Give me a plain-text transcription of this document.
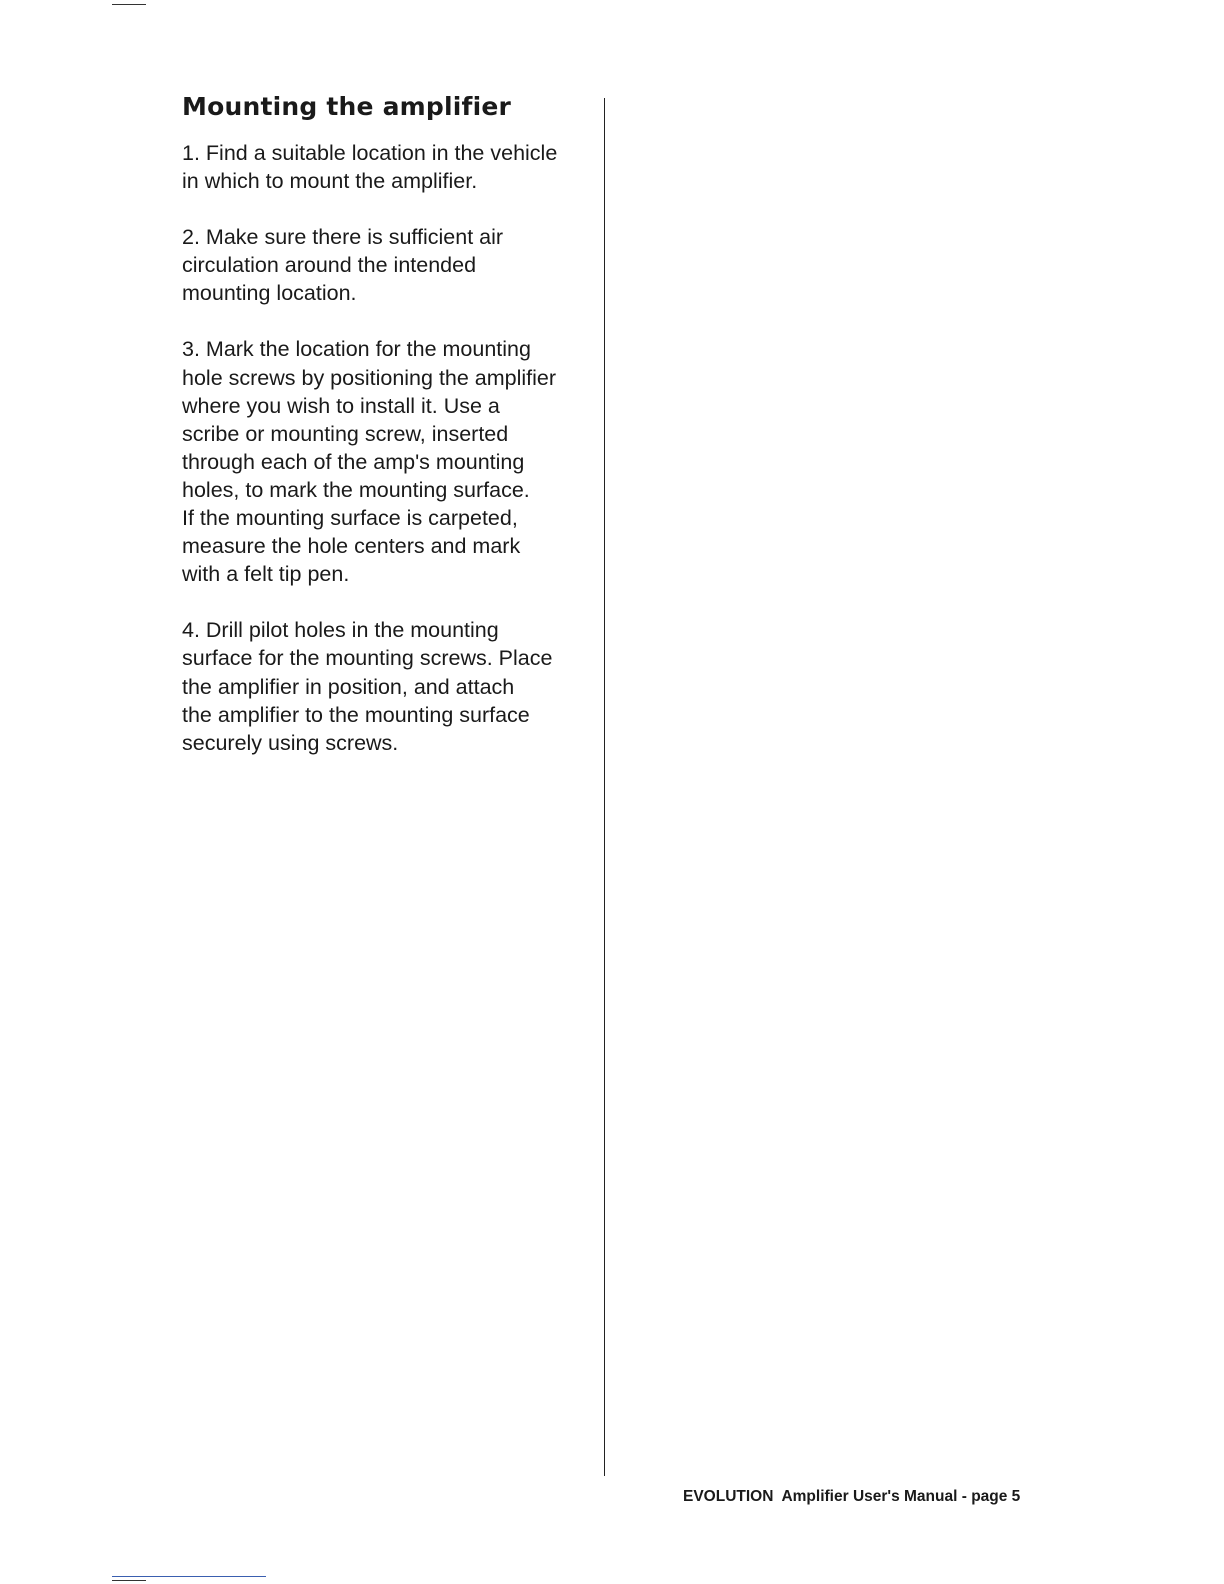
Mounting the amplifier

1. Find a suitable location in the vehicle
in which to mount the amplifier.

2. Make sure there is sufficient air
circulation around the intended
mounting location.

3. Mark the location for the mounting
hole screws by positioning the amplifier
where you wish to install it. Use a
scribe or mounting screw, inserted
through each of the amp's mounting
holes, to mark the mounting surface.
If the mounting surface is carpeted,
measure the hole centers and mark
with a felt tip pen.

4. Drill pilot holes in the mounting
surface for the mounting screws. Place
the amplifier in position, and attach
the amplifier to the mounting surface
securely using screws.

EVOLUTION  Amplifier User's Manual - page 5
